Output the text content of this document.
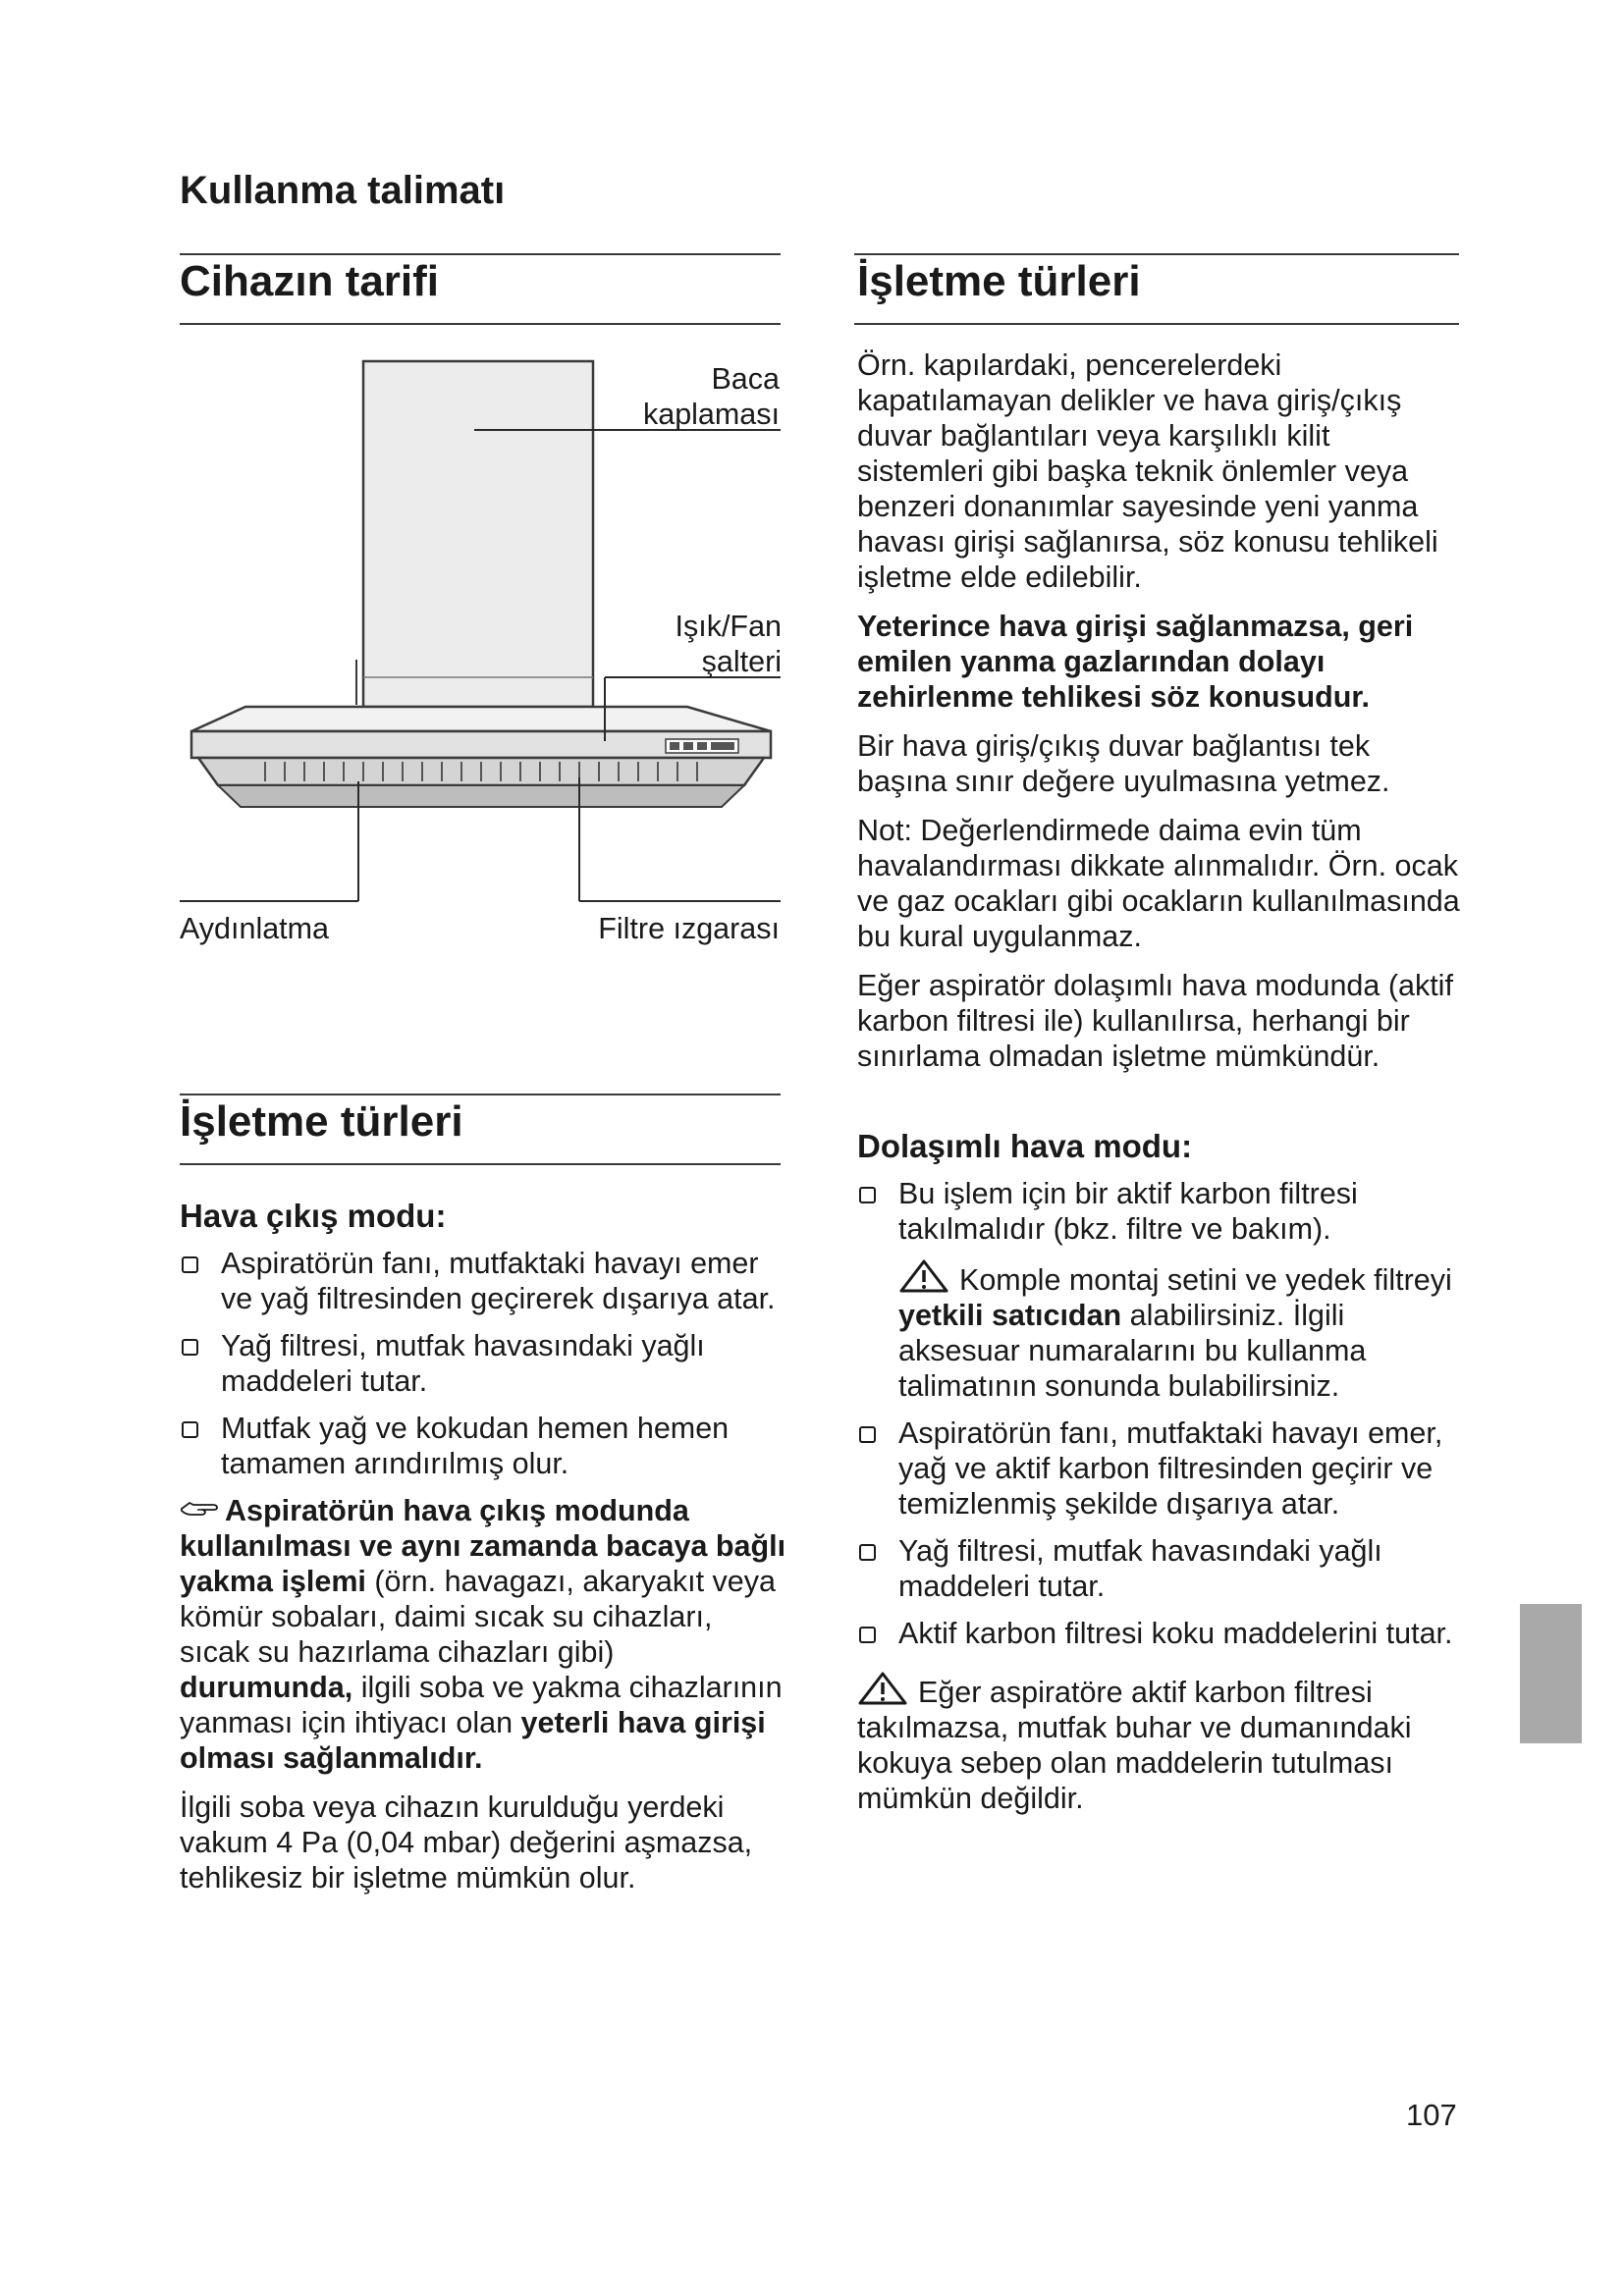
Kullanma talimatı
Cihazın tarifi
Baca
kaplaması
Işık/Fan
şalteri
Aydınlatma	Filtre ızgarası
İşletme türleri
Hava çıkış modu:
Aspiratörün fanı, mutfaktaki havayı emer ve yağ filtresinden geçirerek dışarıya atar.
Yağ filtresi, mutfak havasındaki yağlı maddeleri tutar.
Mutfak yağ ve kokudan hemen hemen tamamen arındırılmış olur.

Aspiratörün hava çıkış modunda kullanılması ve aynı zamanda bacaya bağlı yakma işlemi (örn. havagazı, akaryakıt veya kömür sobaları, daimi sıcak su cihazları, sıcak su hazırlama cihazları gibi) durumunda, ilgili soba ve yakma cihazlarının yanması için ihtiyacı olan yeterli hava girişi olması sağlanmalıdır.

İlgili soba veya cihazın kurulduğu yerdeki vakum 4 Pa (0,04 mbar) değerini aşmazsa, tehlikesiz bir işletme mümkün olur.

İşletme türleri

Örn. kapılardaki, pencerelerdeki kapatılamayan delikler ve hava giriş/çıkış duvar bağlantıları veya karşılıklı kilit sistemleri gibi başka teknik önlemler veya benzeri donanımlar sayesinde yeni yanma havası girişi sağlanırsa, söz konusu tehlikeli işletme elde edilebilir.

Yeterince hava girişi sağlanmazsa, geri emilen yanma gazlarından dolayı zehirlenme tehlikesi söz konusudur.

Bir hava giriş/çıkış duvar bağlantısı tek başına sınır değere uyulmasına yetmez.

Not: Değerlendirmede daima evin tüm havalandırması dikkate alınmalıdır. Örn. ocak ve gaz ocakları gibi ocakların kullanılmasında bu kural uygulanmaz.

Eğer aspiratör dolaşımlı hava modunda (aktif karbon filtresi ile) kullanılırsa, herhangi bir sınırlama olmadan işletme mümkündür.

Dolaşımlı hava modu:
Bu işlem için bir aktif karbon filtresi takılmalıdır (bkz. filtre ve bakım).
Komple montaj setini ve yedek filtreyi yetkili satıcıdan alabilirsiniz. İlgili aksesuar numaralarını bu kullanma talimatının sonunda bulabilirsiniz.
Aspiratörün fanı, mutfaktaki havayı emer, yağ ve aktif karbon filtresinden geçirir ve temizlenmiş şekilde dışarıya atar.
Yağ filtresi, mutfak havasındaki yağlı maddeleri tutar.
Aktif karbon filtresi koku maddelerini tutar.

Eğer aspiratöre aktif karbon filtresi takılmazsa, mutfak buhar ve dumanındaki kokuya sebep olan maddelerin tutulması mümkün değildir.

107
